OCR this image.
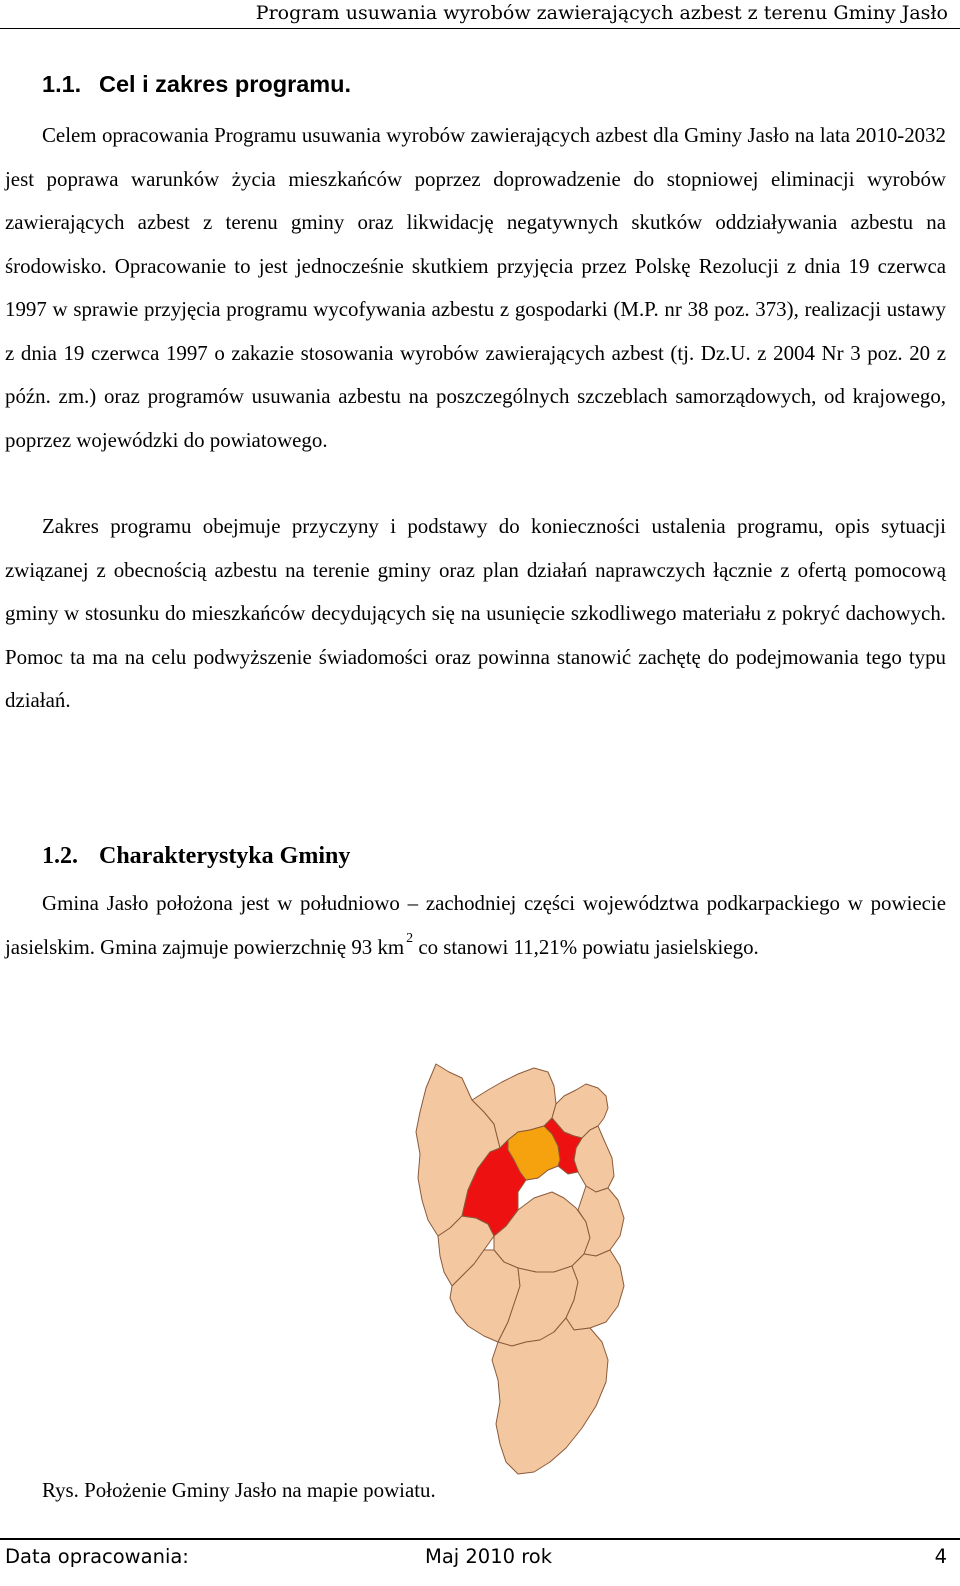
Program usuwania wyrobów zawierających azbest z terenu Gminy Jasło
1.1. Cel i zakres programu.

Celem opracowania Programu usuwania wyrobów zawierających azbest dla Gminy Jasło na lata 2010-2032 jest poprawa warunków życia mieszkańców poprzez doprowadzenie do stopniowej eliminacji wyrobów zawierających azbest z terenu gminy oraz likwidację negatywnych skutków oddziaływania azbestu na środowisko. Opracowanie to jest jednocześnie skutkiem przyjęcia przez Polskę Rezolucji z dnia 19 czerwca 1997 w sprawie przyjęcia programu wycofywania azbestu z gospodarki (M.P. nr 38 poz. 373), realizacji ustawy z dnia 19 czerwca 1997 o zakazie stosowania wyrobów zawierających azbest (tj. Dz.U. z 2004 Nr 3 poz. 20 z późn. zm.) oraz programów usuwania azbestu na poszczególnych szczeblach samorządowych, od krajowego, poprzez wojewódzki do powiatowego.

Zakres programu obejmuje przyczyny i podstawy do konieczności ustalenia programu, opis sytuacji związanej z obecnością azbestu na terenie gminy oraz plan działań naprawczych łącznie z ofertą pomocową gminy w stosunku do mieszkańców decydujących się na usunięcie szkodliwego materiału z pokryć dachowych. Pomoc ta ma na celu podwyższenie świadomości oraz powinna stanowić zachętę do podejmowania tego typu działań.

1.2. Charakterystyka Gminy

Gmina Jasło położona jest w południowo – zachodniej części województwa podkarpackiego w powiecie jasielskim. Gmina zajmuje powierzchnię 93 km $^2$ co stanowi 11,21% powiatu jasielskiego.

Rys. Położenie Gminy Jasło na mapie powiatu.
Data opracowania:	Maj 2010 rok	4
